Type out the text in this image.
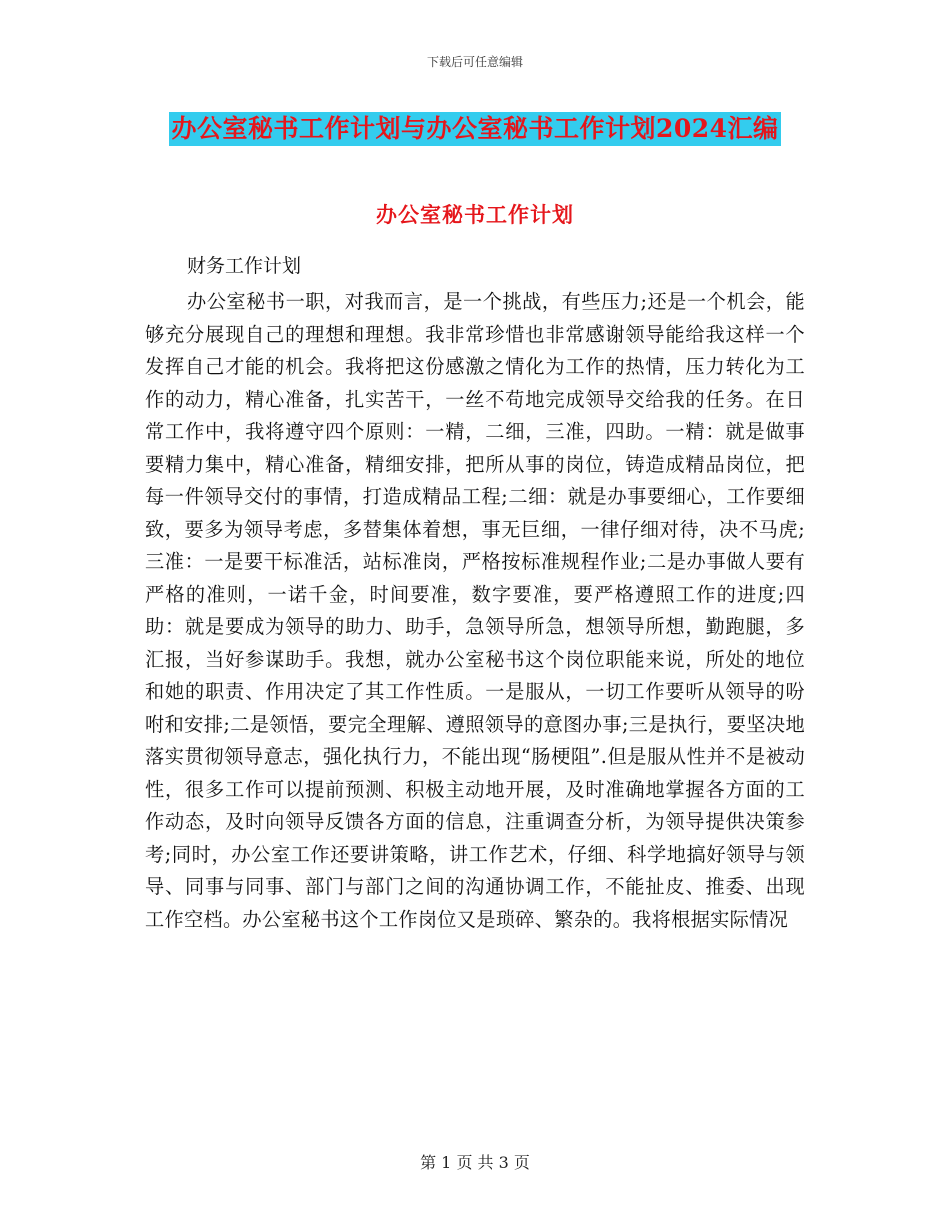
下载后可任意编辑
办公室秘书工作计划与办公室秘书工作计划2024汇编
办公室秘书工作计划
财务工作计划

办公室秘书一职，对我而言，是一个挑战，有些压力;还是一个机会，能够充分展现自己的理想和理想。我非常珍惜也非常感谢领导能给我这样一个发挥自己才能的机会。我将把这份感激之情化为工作的热情，压力转化为工作的动力，精心准备，扎实苦干，一丝不苟地完成领导交给我的任务。在日常工作中，我将遵守四个原则：一精，二细，三准，四助。一精：就是做事要精力集中，精心准备，精细安排，把所从事的岗位，铸造成精品岗位，把每一件领导交付的事情，打造成精品工程;二细：就是办事要细心，工作要细致，要多为领导考虑，多替集体着想，事无巨细，一律仔细对待，决不马虎;三准：一是要干标准活，站标准岗，严格按标准规程作业;二是办事做人要有严格的准则，一诺千金，时间要准，数字要准，要严格遵照工作的进度;四助：就是要成为领导的助力、助手，急领导所急，想领导所想，勤跑腿，多汇报，当好参谋助手。我想，就办公室秘书这个岗位职能来说，所处的地位和她的职责、作用决定了其工作性质。一是服从，一切工作要听从领导的吩咐和安排;二是领悟，要完全理解、遵照领导的意图办事;三是执行，要坚决地落实贯彻领导意志，强化执行力，不能出现“肠梗阻”.但是服从性并不是被动性，很多工作可以提前预测、积极主动地开展，及时准确地掌握各方面的工作动态，及时向领导反馈各方面的信息，注重调查分析，为领导提供决策参考;同时，办公室工作还要讲策略，讲工作艺术，仔细、科学地搞好领导与领导、同事与同事、部门与部门之间的沟通协调工作，不能扯皮、推委、出现工作空档。办公室秘书这个工作岗位又是琐碎、繁杂的。我将根据实际情况

第 1 页 共 3 页
